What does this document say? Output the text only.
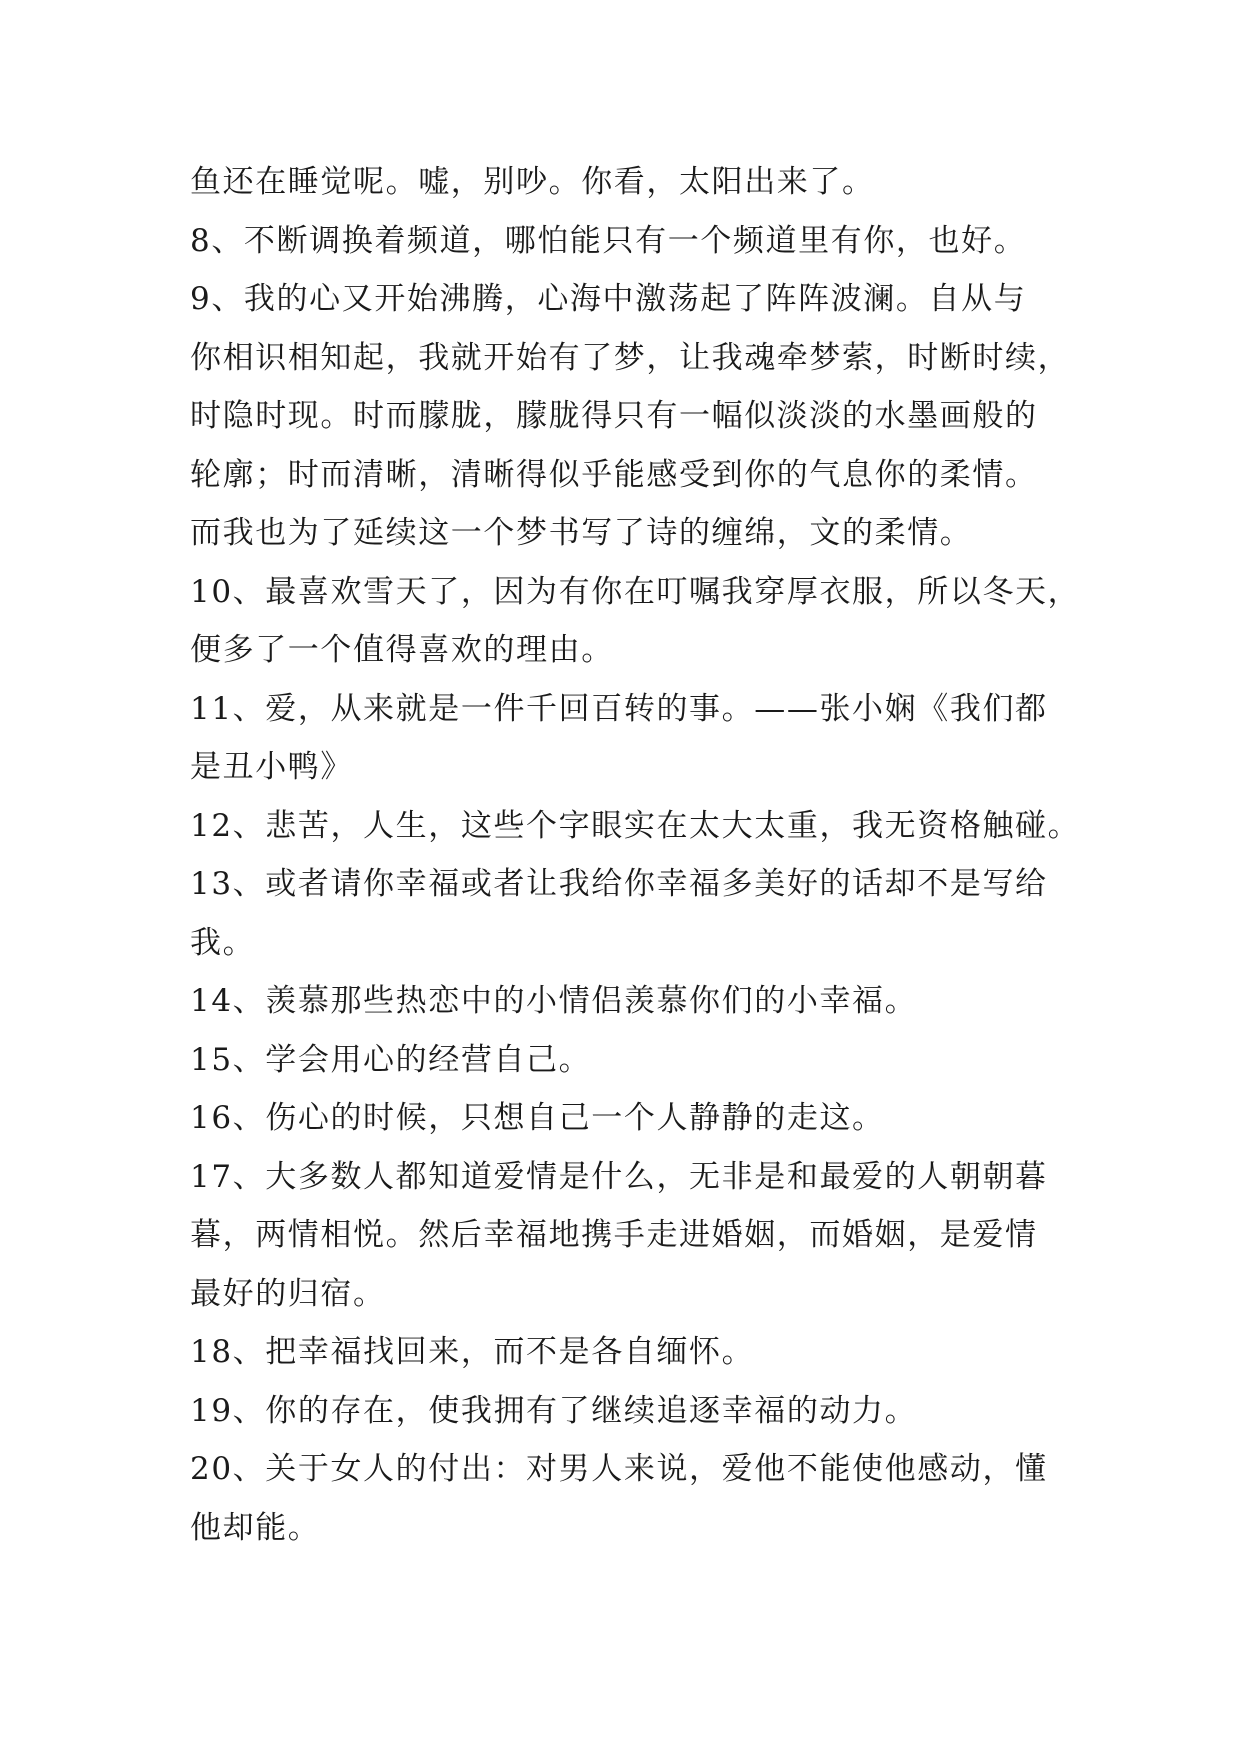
鱼还在睡觉呢。嘘，别吵。你看，太阳出来了。
8、不断调换着频道，哪怕能只有一个频道里有你，也好。
9、我的心又开始沸腾，心海中激荡起了阵阵波澜。自从与
你相识相知起，我就开始有了梦，让我魂牵梦萦，时断时续，
时隐时现。时而朦胧，朦胧得只有一幅似淡淡的水墨画般的
轮廓；时而清晰，清晰得似乎能感受到你的气息你的柔情。
而我也为了延续这一个梦书写了诗的缠绵，文的柔情。
10、最喜欢雪天了，因为有你在叮嘱我穿厚衣服，所以冬天，
便多了一个值得喜欢的理由。
11、爱，从来就是一件千回百转的事。——张小娴《我们都
是丑小鸭》
12、悲苦，人生，这些个字眼实在太大太重，我无资格触碰。
13、或者请你幸福或者让我给你幸福多美好的话却不是写给
我。
14、羡慕那些热恋中的小情侣羡慕你们的小幸福。
15、学会用心的经营自己。
16、伤心的时候，只想自己一个人静静的走这。
17、大多数人都知道爱情是什么，无非是和最爱的人朝朝暮
暮，两情相悦。然后幸福地携手走进婚姻，而婚姻，是爱情
最好的归宿。
18、把幸福找回来，而不是各自缅怀。
19、你的存在，使我拥有了继续追逐幸福的动力。
20、关于女人的付出：对男人来说，爱他不能使他感动，懂
他却能。
